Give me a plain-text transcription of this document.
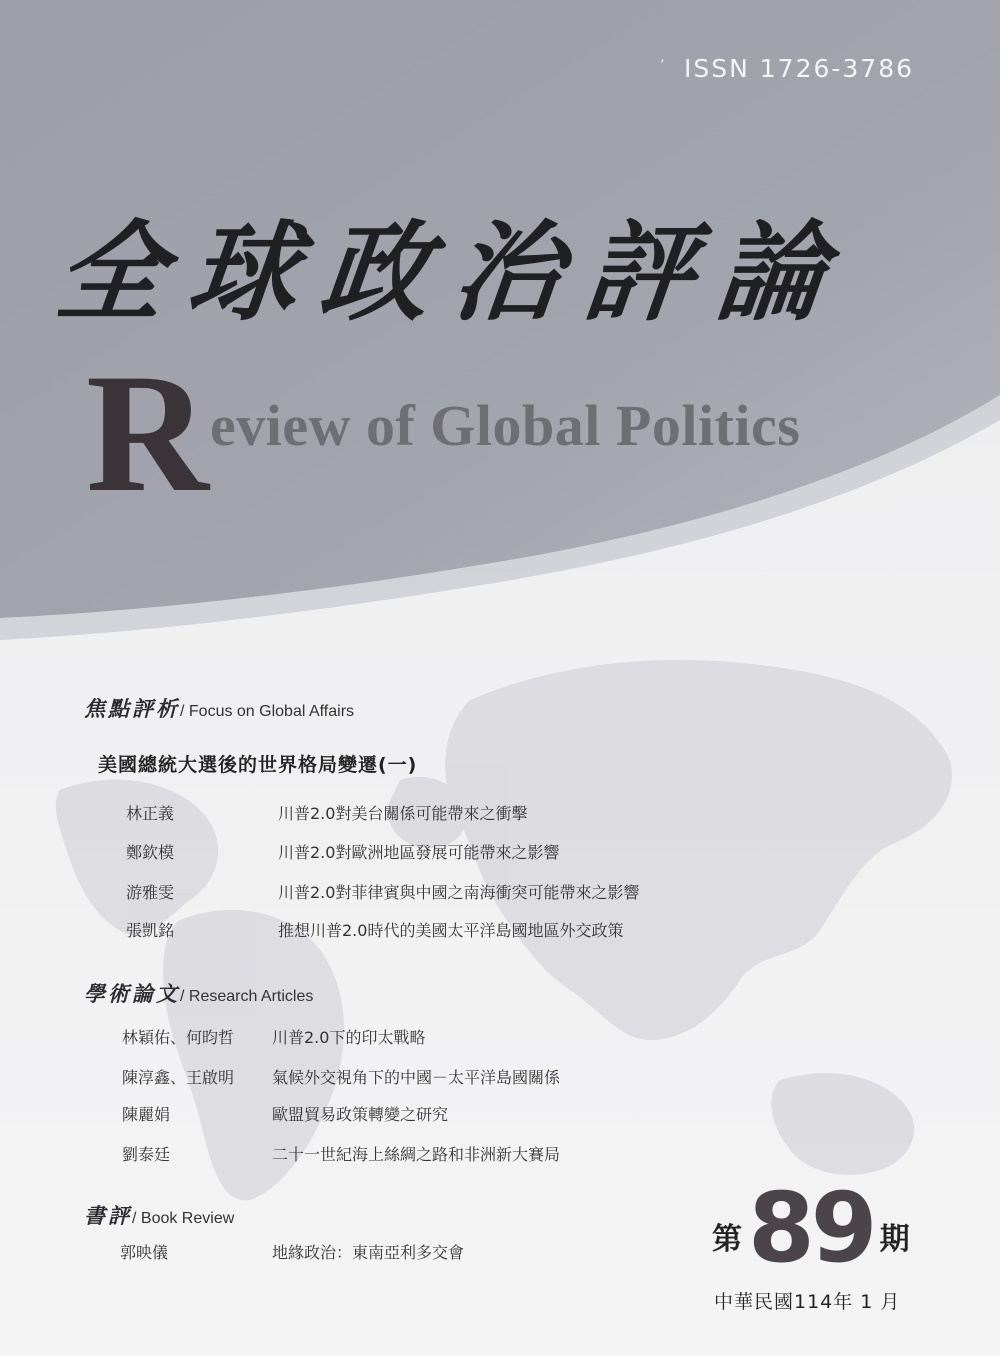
’ ISSN 1726-3786
全球政治評論
R eview of Global Politics
焦點評析/ Focus on Global Affairs
美國總統大選後的世界格局變遷(一)
林正義	川普2.0對美台關係可能帶來之衝擊
鄭欽模	川普2.0對歐洲地區發展可能帶來之影響
游雅雯	川普2.0對菲律賓與中國之南海衝突可能帶來之影響
張凱銘	推想川普2.0時代的美國太平洋島國地區外交政策
學術論文/ Research Articles
林穎佑、何昀哲 川普2.0下的印太戰略
陳淳鑫、王啟明 氣候外交視角下的中國－太平洋島國關係
陳麗娟	歐盟貿易政策轉變之研究
劉泰廷	二十一世紀海上絲綢之路和非洲新大賽局
書評/ Book Review
郭映儀	地緣政治：東南亞利多交會	第89 期
中華民國114年 1 月
